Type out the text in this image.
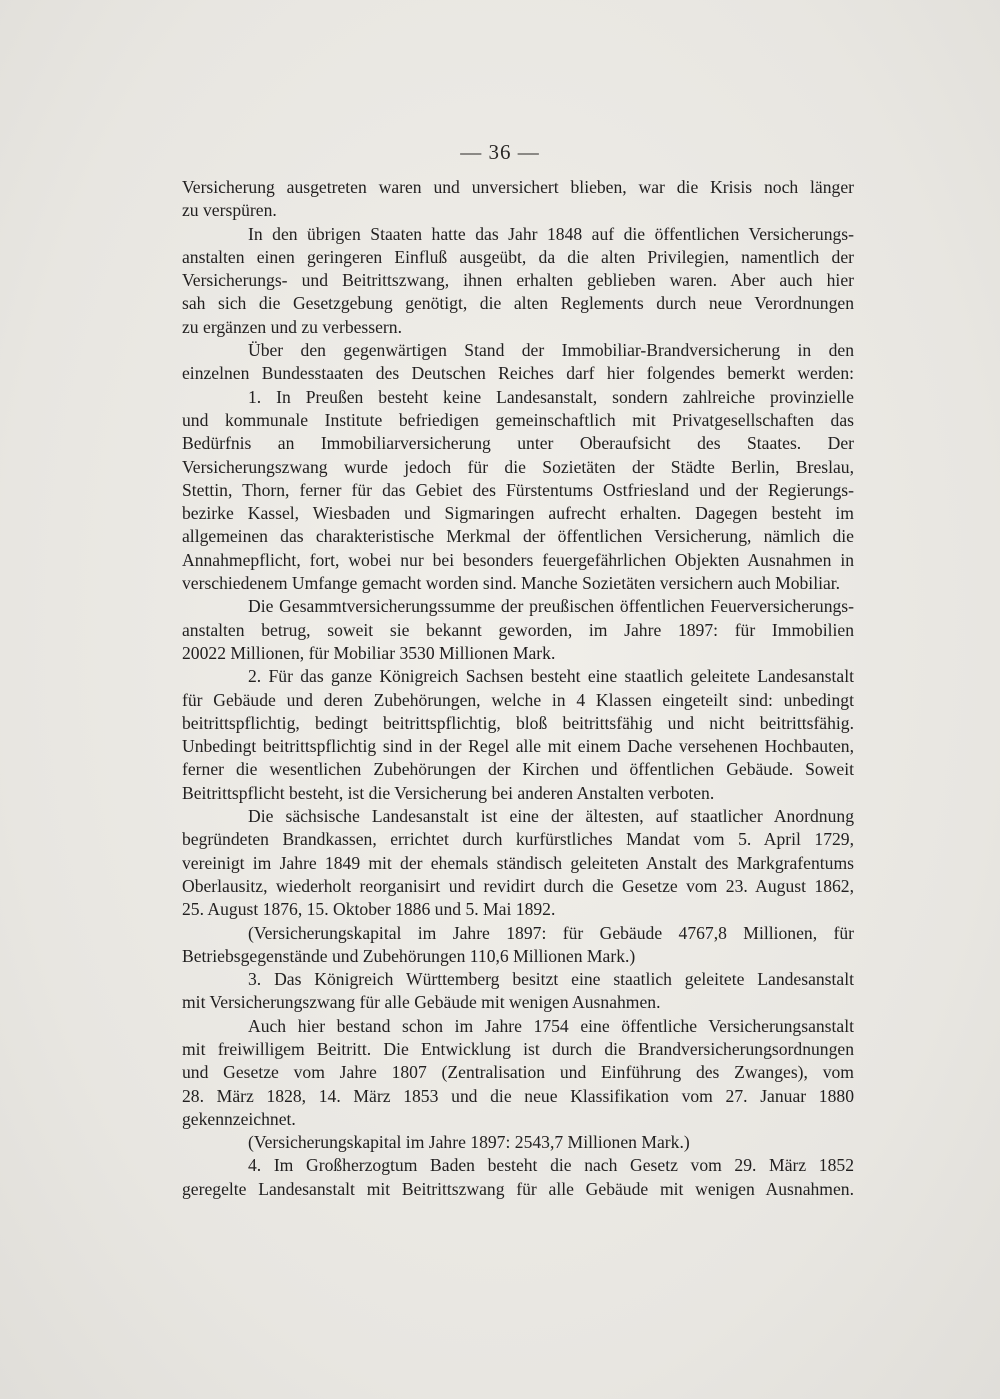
— 36 —
Versicherung ausgetreten waren und unversichert blieben, war die Krisis noch länger
zu verspüren.
In den übrigen Staaten hatte das Jahr 1848 auf die öffentlichen Versicherungs-
anstalten einen geringeren Einfluß ausgeübt, da die alten Privilegien, namentlich der
Versicherungs- und Beitrittszwang, ihnen erhalten geblieben waren. Aber auch hier
sah sich die Gesetzgebung genötigt, die alten Reglements durch neue Verordnungen
zu ergänzen und zu verbessern.
Über den gegenwärtigen Stand der Immobiliar-Brandversicherung in den
einzelnen Bundesstaaten des Deutschen Reiches darf hier folgendes bemerkt werden:
1. In Preußen besteht keine Landesanstalt, sondern zahlreiche provinzielle
und kommunale Institute befriedigen gemeinschaftlich mit Privatgesellschaften das
Bedürfnis an Immobiliarversicherung unter Oberaufsicht des Staates. Der
Versicherungszwang wurde jedoch für die Sozietäten der Städte Berlin, Breslau,
Stettin, Thorn, ferner für das Gebiet des Fürstentums Ostfriesland und der Regierungs-
bezirke Kassel, Wiesbaden und Sigmaringen aufrecht erhalten. Dagegen besteht im
allgemeinen das charakteristische Merkmal der öffentlichen Versicherung, nämlich die
Annahmepflicht, fort, wobei nur bei besonders feuergefährlichen Objekten Ausnahmen in
verschiedenem Umfange gemacht worden sind. Manche Sozietäten versichern auch Mobiliar.
Die Gesammtversicherungssumme der preußischen öffentlichen Feuerversicherungs-
anstalten betrug, soweit sie bekannt geworden, im Jahre 1897: für Immobilien
20022 Millionen, für Mobiliar 3530 Millionen Mark.
2. Für das ganze Königreich Sachsen besteht eine staatlich geleitete Landesanstalt
für Gebäude und deren Zubehörungen, welche in 4 Klassen eingeteilt sind: unbedingt
beitrittspflichtig, bedingt beitrittspflichtig, bloß beitrittsfähig und nicht beitrittsfähig.
Unbedingt beitrittspflichtig sind in der Regel alle mit einem Dache versehenen Hochbauten,
ferner die wesentlichen Zubehörungen der Kirchen und öffentlichen Gebäude. Soweit
Beitrittspflicht besteht, ist die Versicherung bei anderen Anstalten verboten.
Die sächsische Landesanstalt ist eine der ältesten, auf staatlicher Anordnung
begründeten Brandkassen, errichtet durch kurfürstliches Mandat vom 5. April 1729,
vereinigt im Jahre 1849 mit der ehemals ständisch geleiteten Anstalt des Markgrafentums
Oberlausitz, wiederholt reorganisirt und revidirt durch die Gesetze vom 23. August 1862,
25. August 1876, 15. Oktober 1886 und 5. Mai 1892.
(Versicherungskapital im Jahre 1897: für Gebäude 4767,8 Millionen, für
Betriebsgegenstände und Zubehörungen 110,6 Millionen Mark.)
3. Das Königreich Württemberg besitzt eine staatlich geleitete Landesanstalt
mit Versicherungszwang für alle Gebäude mit wenigen Ausnahmen.
Auch hier bestand schon im Jahre 1754 eine öffentliche Versicherungsanstalt
mit freiwilligem Beitritt. Die Entwicklung ist durch die Brandversicherungsordnungen
und Gesetze vom Jahre 1807 (Zentralisation und Einführung des Zwanges), vom
28. März 1828, 14. März 1853 und die neue Klassifikation vom 27. Januar 1880
gekennzeichnet.
(Versicherungskapital im Jahre 1897: 2543,7 Millionen Mark.)
4. Im Großherzogtum Baden besteht die nach Gesetz vom 29. März 1852
geregelte Landesanstalt mit Beitrittszwang für alle Gebäude mit wenigen Ausnahmen.
